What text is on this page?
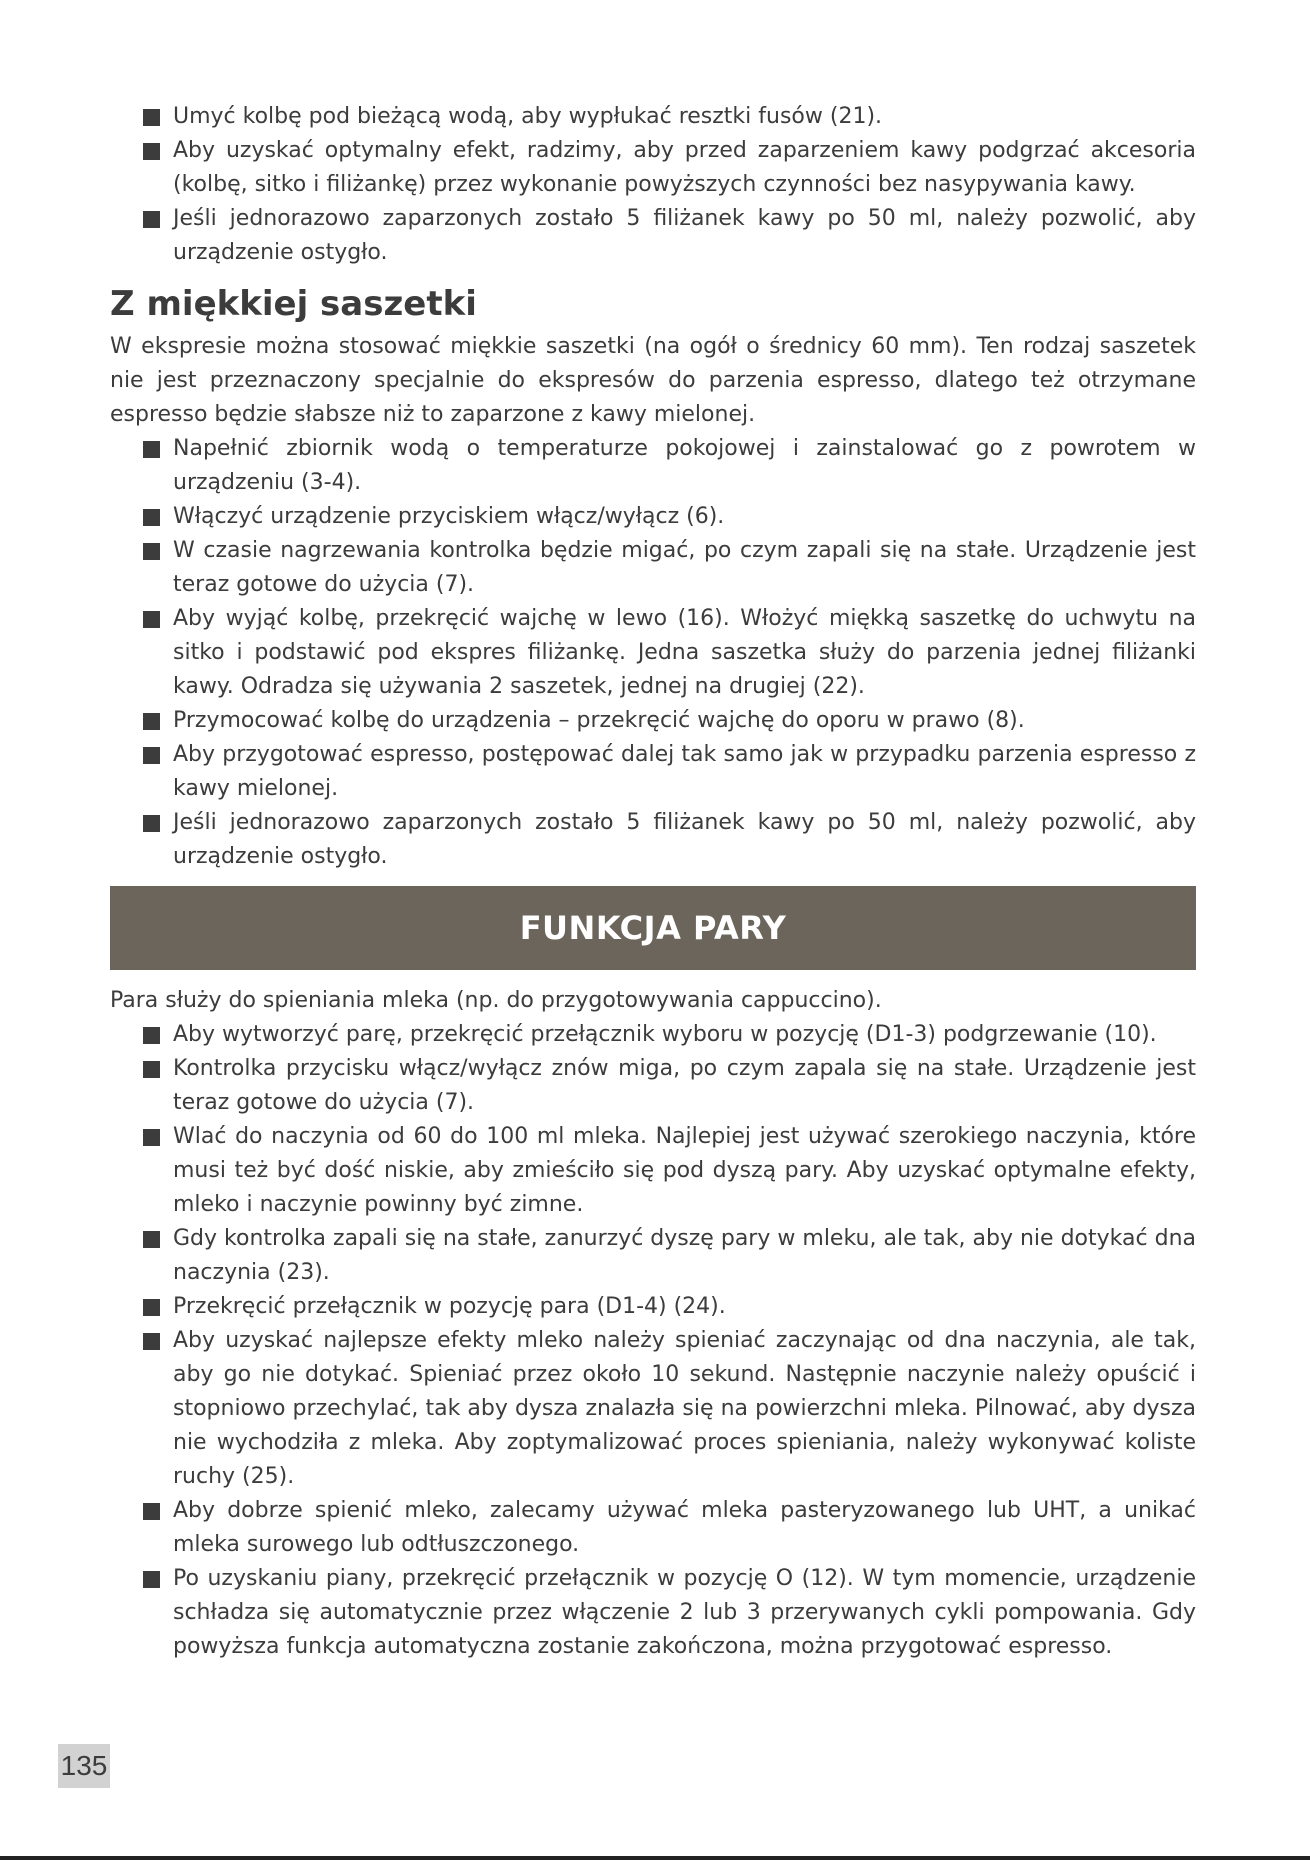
Umyć kolbę pod bieżącą wodą, aby wypłukać resztki fusów (21).
Aby uzyskać optymalny efekt, radzimy, aby przed zaparzeniem kawy podgrzać akcesoria (kolbę, sitko i filiżankę) przez wykonanie powyższych czynności bez nasypywania kawy.
Jeśli jednorazowo zaparzonych zostało 5 filiżanek kawy po 50 ml, należy pozwolić, aby urządzenie ostygło.
Z miękkiej saszetki

W ekspresie można stosować miękkie saszetki (na ogół o średnicy 60 mm). Ten rodzaj saszetek nie jest przeznaczony specjalnie do ekspresów do parzenia espresso, dlatego też otrzymane espresso będzie słabsze niż to zaparzone z kawy mielonej.

Napełnić zbiornik wodą o temperaturze pokojowej i zainstalować go z powrotem w urządzeniu (3-4).
Włączyć urządzenie przyciskiem włącz/wyłącz (6).
W czasie nagrzewania kontrolka będzie migać, po czym zapali się na stałe. Urządzenie jest teraz gotowe do użycia (7).
Aby wyjąć kolbę, przekręcić wajchę w lewo (16). Włożyć miękką saszetkę do uchwytu na sitko i podstawić pod ekspres filiżankę. Jedna saszetka służy do parzenia jednej filiżanki kawy. Odradza się używania 2 saszetek, jednej na drugiej (22).
Przymocować kolbę do urządzenia – przekręcić wajchę do oporu w prawo (8).
Aby przygotować espresso, postępować dalej tak samo jak w przypadku parzenia espresso z kawy mielonej.
Jeśli jednorazowo zaparzonych zostało 5 filiżanek kawy po 50 ml, należy pozwolić, aby urządzenie ostygło.
FUNKCJA PARY

Para służy do spieniania mleka (np. do przygotowywania cappuccino).

Aby wytworzyć parę, przekręcić przełącznik wyboru w pozycję (D1-3) podgrzewanie (10).
Kontrolka przycisku włącz/wyłącz znów miga, po czym zapala się na stałe. Urządzenie jest teraz gotowe do użycia (7).
Wlać do naczynia od 60 do 100 ml mleka. Najlepiej jest używać szerokiego naczynia, które musi też być dość niskie, aby zmieściło się pod dyszą pary. Aby uzyskać optymalne efekty, mleko i naczynie powinny być zimne.
Gdy kontrolka zapali się na stałe, zanurzyć dyszę pary w mleku, ale tak, aby nie dotykać dna naczynia (23).
Przekręcić przełącznik w pozycję para (D1-4) (24).
Aby uzyskać najlepsze efekty mleko należy spieniać zaczynając od dna naczynia, ale tak, aby go nie dotykać. Spieniać przez około 10 sekund. Następnie naczynie należy opuścić i stopniowo przechylać, tak aby dysza znalazła się na powierzchni mleka. Pilnować, aby dysza nie wychodziła z mleka. Aby zoptymalizować proces spieniania, należy wykonywać koliste ruchy (25).
Aby dobrze spienić mleko, zalecamy używać mleka pasteryzowanego lub UHT, a unikać mleka surowego lub odtłuszczonego.
Po uzyskaniu piany, przekręcić przełącznik w pozycję O (12). W tym momencie, urządzenie schładza się automatycznie przez włączenie 2 lub 3 przerywanych cykli pompowania. Gdy powyższa funkcja automatyczna zostanie zakończona, można przygotować espresso.
135
